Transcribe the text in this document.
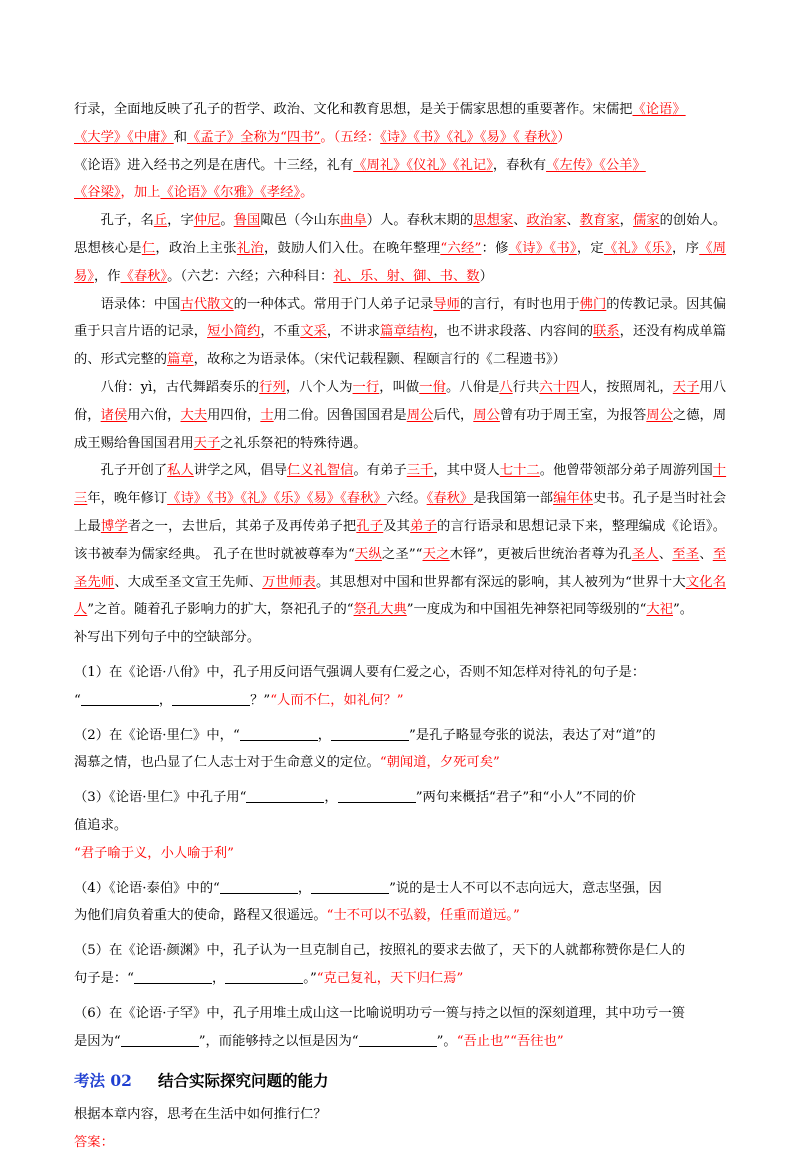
行录，全面地反映了孔子的哲学、政治、文化和教育思想，是关于儒家思想的重要著作。宋儒把《论语》
《大学》《中庸》和《孟子》全称为“四书”。（五经：《诗》《书》《礼》《易》《 春秋》）
《论语》进入经书之列是在唐代。十三经，礼有《周礼》《仪礼》《礼记》，春秋有《左传》《公羊》
《谷梁》，加上《论语》《尔雅》《孝经》。

孔子，名丘，字仲尼。鲁国陬邑（今山东曲阜）人。春秋末期的思想家、政治家、教育家，儒家的创始人。思想核心是仁，政治上主张礼治，鼓励人们入仕。在晚年整理“六经”：修《诗》《书》，定《礼》《乐》，序《周易》，作《春秋》。（六艺：六经；六种科目：礼、乐、射、御、书、数）

语录体：中国古代散文的一种体式。常用于门人弟子记录导师的言行，有时也用于佛门的传教记录。因其偏重于只言片语的记录，短小简约，不重文采，不讲求篇章结构，也不讲求段落、内容间的联系，还没有构成单篇的、形式完整的篇章，故称之为语录体。（宋代记载程颢、程颐言行的《二程遗书》）

八佾：yì，古代舞蹈奏乐的行列，八个人为一行，叫做一佾。八佾是八行共六十四人，按照周礼，天子用八佾，诸侯用六佾，大夫用四佾，士用二佾。因鲁国国君是周公后代，周公曾有功于周王室，为报答周公之德，周成王赐给鲁国国君用天子之礼乐祭祀的特殊待遇。

孔子开创了私人讲学之风，倡导仁义礼智信。有弟子三千，其中贤人七十二。他曾带领部分弟子周游列国十三年，晚年修订《诗》《书》《礼》《乐》《易》《春秋》六经。《春秋》是我国第一部编年体史书。孔子是当时社会上最博学者之一，去世后，其弟子及再传弟子把孔子及其弟子的言行语录和思想记录下来，整理编成《论语》。该书被奉为儒家经典。 孔子在世时就被尊奉为“天纵之圣”“天之木铎”，更被后世统治者尊为孔圣人、至圣、至圣先师、大成至圣文宣王先师、万世师表。其思想对中国和世界都有深远的影响，其人被列为“世界十大文化名人”之首。随着孔子影响力的扩大，祭祀孔子的“祭孔大典”一度成为和中国祖先神祭祀同等级别的“大祀”。

补写出下列句子中的空缺部分。

（1）在《论语·八佾》中，孔子用反问语气强调人要有仁爱之心，否则不知怎样对待礼的句子是：
“	，	？”“人而不仁，如礼何？”

（2）在《论语·里仁》中，“	，	”是孔子略显夸张的说法，表达了对“道”的
渴慕之情，也凸显了仁人志士对于生命意义的定位。“朝闻道，夕死可矣”

（3）《论语·里仁》中孔子用“	，	”两句来概括“君子”和“小人”不同的价
值追求。
“君子喻于义，小人喻于利”

（4）《论语·泰伯》中的“	，	”说的是士人不可以不志向远大，意志坚强，因
为他们肩负着重大的使命，路程又很遥远。“士不可以不弘毅，任重而道远。”

（5）在《论语·颜渊》中，孔子认为一旦克制自己，按照礼的要求去做了，天下的人就都称赞你是仁人的
句子是：“	，	。”“克己复礼，天下归仁焉”

（6）在《论语·子罕》中，孔子用堆土成山这一比喻说明功亏一篑与持之以恒的深刻道理，其中功亏一篑
是因为“	”，而能够持之以恒是因为“	”。“吾止也”“吾往也”

考法 02 结合实际探究问题的能力

根据本章内容，思考在生活中如何推行仁？

答案：
